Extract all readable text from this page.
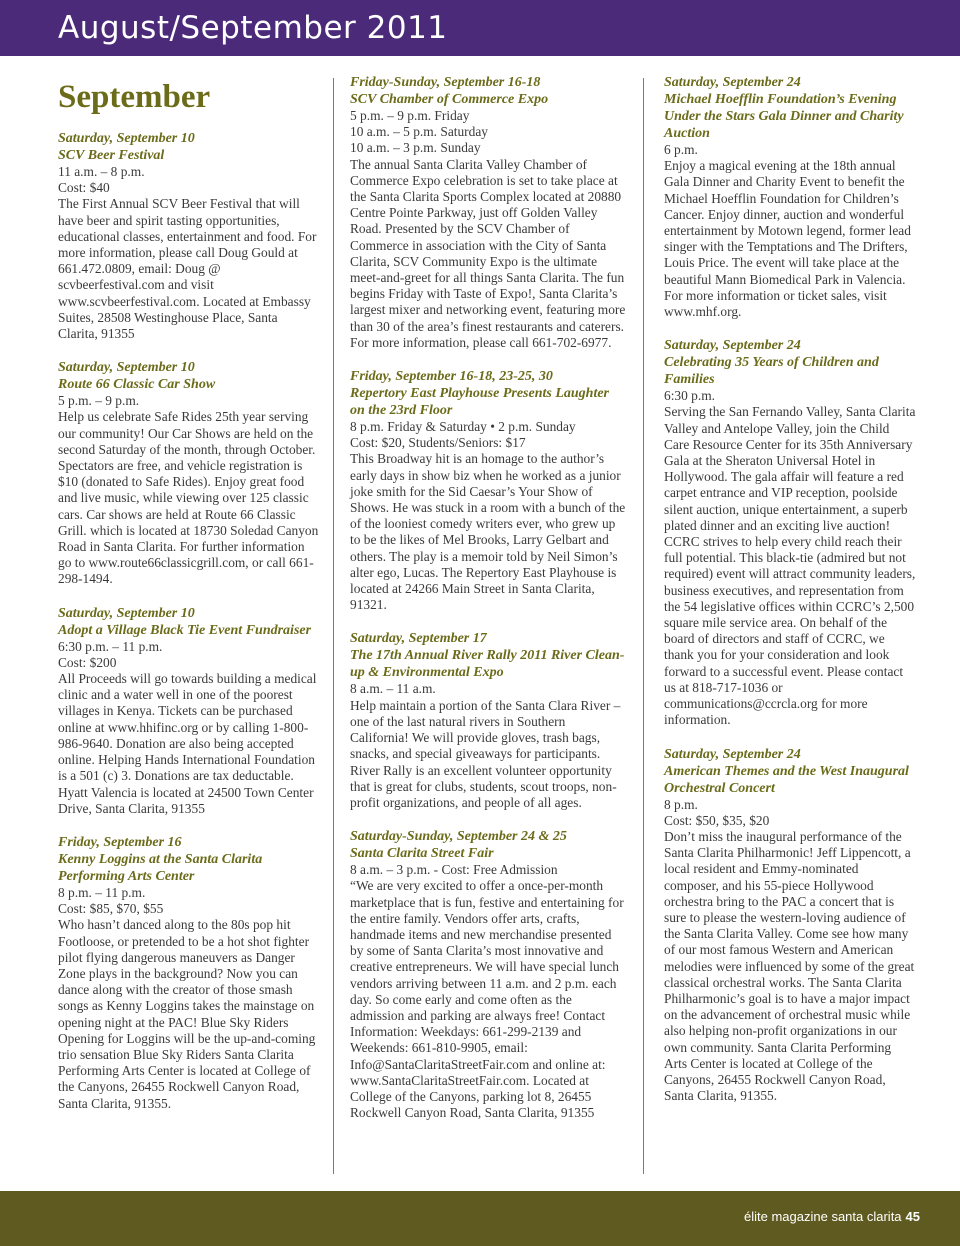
August/September 2011
September
Saturday, September 10
SCV Beer Festival
11 a.m. – 8 p.m.
Cost: $40
The First Annual SCV Beer Festival that will have beer and spirit tasting opportunities, educational classes, entertainment and food. For more information, please call Doug Gould at 661.472.0809, email: Doug @ scvbeerfestival.com and visit www.scvbeerfestival.com. Located at Embassy Suites, 28508 Westinghouse Place, Santa Clarita, 91355
Saturday, September 10
Route 66 Classic Car Show
5 p.m. – 9 p.m.
Help us celebrate Safe Rides 25th year serving our community! Our Car Shows are held on the second Saturday of the month, through October. Spectators are free, and vehicle registration is $10 (donated to Safe Rides). Enjoy great food and live music, while viewing over 125 classic cars. Car shows are held at Route 66 Classic Grill. which is located at 18730 Soledad Canyon Road in Santa Clarita. For further information go to www.route66classicgrill.com, or call 661-298-1494.
Saturday, September 10
Adopt a Village Black Tie Event Fundraiser
6:30 p.m. – 11 p.m.
Cost: $200
All Proceeds will go towards building a medical clinic and a water well in one of the poorest villages in Kenya. Tickets can be purchased online at www.hhifinc.org or by calling 1-800-986-9640. Donation are also being accepted online. Helping Hands International Foundation is a 501 (c) 3. Donations are tax deductable. Hyatt Valencia is located at 24500 Town Center Drive, Santa Clarita, 91355
Friday, September 16
Kenny Loggins at the Santa Clarita Performing Arts Center
8 p.m. – 11 p.m.
Cost: $85, $70, $55
Who hasn’t danced along to the 80s pop hit Footloose, or pretended to be a hot shot fighter pilot flying dangerous maneuvers as Danger Zone plays in the background? Now you can dance along with the creator of those smash songs as Kenny Loggins takes the mainstage on opening night at the PAC! Blue Sky Riders Opening for Loggins will be the up-and-coming trio sensation Blue Sky Riders Santa Clarita Performing Arts Center is located at College of the Canyons, 26455 Rockwell Canyon Road, Santa Clarita, 91355.
Friday-Sunday, September 16-18
SCV Chamber of Commerce Expo
5 p.m. – 9 p.m. Friday
10 a.m. – 5 p.m. Saturday
10 a.m. – 3 p.m. Sunday
The annual Santa Clarita Valley Chamber of Commerce Expo celebration is set to take place at the Santa Clarita Sports Complex located at 20880 Centre Pointe Parkway, just off Golden Valley Road. Presented by the SCV Chamber of Commerce in association with the City of Santa Clarita, SCV Community Expo is the ultimate meet-and-greet for all things Santa Clarita. The fun begins Friday with Taste of Expo!, Santa Clarita’s largest mixer and networking event, featuring more than 30 of the area’s finest restaurants and caterers. For more information, please call 661-702-6977.
Friday, September 16-18, 23-25, 30
Repertory East Playhouse Presents Laughter on the 23rd Floor
8 p.m. Friday & Saturday • 2 p.m. Sunday
Cost: $20, Students/Seniors: $17
This Broadway hit is an homage to the author’s early days in show biz when he worked as a junior joke smith for the Sid Caesar’s Your Show of Shows. He was stuck in a room with a bunch of the of the looniest comedy writers ever, who grew up to be the likes of Mel Brooks, Larry Gelbart and others. The play is a memoir told by Neil Simon’s alter ego, Lucas. The Repertory East Playhouse is located at 24266 Main Street in Santa Clarita, 91321.
Saturday, September 17
The 17th Annual River Rally 2011 River Clean-up & Environmental Expo
8 a.m. – 11 a.m.
Help maintain a portion of the Santa Clara River – one of the last natural rivers in Southern California! We will provide gloves, trash bags, snacks, and special giveaways for participants. River Rally is an excellent volunteer opportunity that is great for clubs, students, scout troops, non-profit organizations, and people of all ages.
Saturday-Sunday, September 24 & 25
Santa Clarita Street Fair
8 a.m. – 3 p.m. - Cost: Free Admission
“We are very excited to offer a once-per-month marketplace that is fun, festive and entertaining for the entire family. Vendors offer arts, crafts, handmade items and new merchandise presented by some of Santa Clarita’s most innovative and creative entrepreneurs. We will have special lunch vendors arriving between 11 a.m. and 2 p.m. each day. So come early and come often as the admission and parking are always free! Contact Information: Weekdays: 661-299-2139 and Weekends: 661-810-9905, email: Info@SantaClaritaStreetFair.com and online at: www.SantaClaritaStreetFair.com. Located at College of the Canyons, parking lot 8, 26455 Rockwell Canyon Road, Santa Clarita, 91355
Saturday, September 24
Michael Hoefflin Foundation’s Evening Under the Stars Gala Dinner and Charity Auction
6 p.m.
Enjoy a magical evening at the 18th annual Gala Dinner and Charity Event to benefit the Michael Hoefflin Foundation for Children’s Cancer. Enjoy dinner, auction and wonderful entertainment by Motown legend, former lead singer with the Temptations and The Drifters, Louis Price. The event will take place at the beautiful Mann Biomedical Park in Valencia. For more information or ticket sales, visit www.mhf.org.
Saturday, September 24
Celebrating 35 Years of Children and Families
6:30 p.m.
Serving the San Fernando Valley, Santa Clarita Valley and Antelope Valley, join the Child Care Resource Center for its 35th Anniversary Gala at the Sheraton Universal Hotel in Hollywood. The gala affair will feature a red carpet entrance and VIP reception, poolside silent auction, unique entertainment, a superb plated dinner and an exciting live auction! CCRC strives to help every child reach their full potential. This black-tie (admired but not required) event will attract community leaders, business executives, and representation from the 54 legislative offices within CCRC’s 2,500 square mile service area. On behalf of the board of directors and staff of CCRC, we thank you for your consideration and look forward to a successful event. Please contact us at 818-717-1036 or communications@ccrcla.org for more information.
Saturday, September 24
American Themes and the West Inaugural Orchestral Concert
8 p.m.
Cost: $50, $35, $20
Don’t miss the inaugural performance of the Santa Clarita Philharmonic! Jeff Lippencott, a local resident and Emmy-nominated composer, and his 55-piece Hollywood orchestra bring to the PAC a concert that is sure to please the western-loving audience of the Santa Clarita Valley. Come see how many of our most famous Western and American melodies were influenced by some of the great classical orchestral works. The Santa Clarita Philharmonic’s goal is to have a major impact on the advancement of orchestral music while also helping non-profit organizations in our own community. Santa Clarita Performing Arts Center is located at College of the Canyons, 26455 Rockwell Canyon Road, Santa Clarita, 91355.
élite magazine santa clarita 45
